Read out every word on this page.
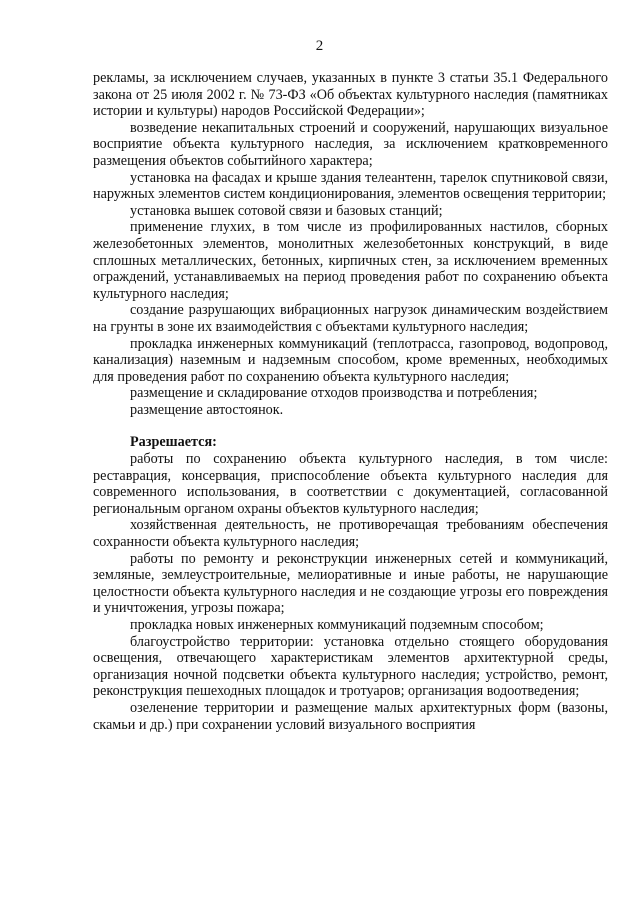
2

рекламы, за исключением случаев, указанных в пункте 3 статьи 35.1 Федерального закона от 25 июля 2002 г. № 73-ФЗ «Об объектах культурного наследия (памятниках истории и культуры) народов Российской Федерации»;

возведение некапитальных строений и сооружений, нарушающих визуальное восприятие объекта культурного наследия, за исключением кратковременного размещения объектов событийного характера;

установка на фасадах и крыше здания телеантенн, тарелок спутниковой связи, наружных элементов систем кондиционирования, элементов освещения территории;

установка вышек сотовой связи и базовых станций;

применение глухих, в том числе из профилированных настилов, сборных железобетонных элементов, монолитных железобетонных конструкций, в виде сплошных металлических, бетонных, кирпичных стен, за исключением временных ограждений, устанавливаемых на период проведения работ по сохранению объекта культурного наследия;

создание разрушающих вибрационных нагрузок динамическим воздействием на грунты в зоне их взаимодействия с объектами культурного наследия;

прокладка инженерных коммуникаций (теплотрасса, газопровод, водопровод, канализация) наземным и надземным способом, кроме временных, необходимых для проведения работ по сохранению объекта культурного наследия;

размещение и складирование отходов производства и потребления;

размещение автостоянок.

Разрешается:

работы по сохранению объекта культурного наследия, в том числе: реставрация, консервация, приспособление объекта культурного наследия для современного использования, в соответствии с документацией, согласованной региональным органом охраны объектов культурного наследия;

хозяйственная деятельность, не противоречащая требованиям обеспечения сохранности объекта культурного наследия;

работы по ремонту и реконструкции инженерных сетей и коммуникаций, земляные, землеустроительные, мелиоративные и иные работы, не нарушающие целостности объекта культурного наследия и не создающие угрозы его повреждения и уничтожения, угрозы пожара;

прокладка новых инженерных коммуникаций подземным способом;

благоустройство территории: установка отдельно стоящего оборудования освещения, отвечающего характеристикам элементов архитектурной среды, организация ночной подсветки объекта культурного наследия; устройство, ремонт, реконструкция пешеходных площадок и тротуаров; организация водоотведения;

озеленение территории и размещение малых архитектурных форм (вазоны, скамьи и др.) при сохранении условий визуального восприятия
